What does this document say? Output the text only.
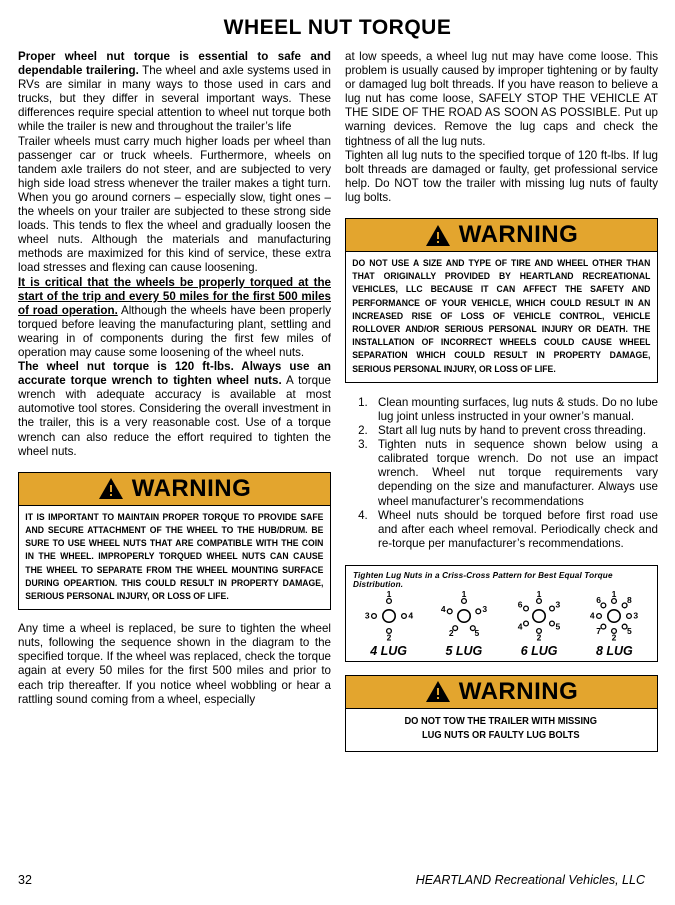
WHEEL NUT TORQUE

Proper wheel nut torque is essential to safe and dependable trailering. The wheel and axle systems used in RVs are similar in many ways to those used in cars and trucks, but they differ in several important ways. These differences require special attention to wheel nut torque both while the trailer is new and throughout the trailer’s life

Trailer wheels must carry much higher loads per wheel than passenger car or truck wheels. Furthermore, wheels on tandem axle trailers do not steer, and are subjected to very high side load stress whenever the trailer makes a tight turn. When you go around corners – especially slow, tight ones – the wheels on your trailer are subjected to these strong side loads. This tends to flex the wheel and gradually loosen the wheel nuts. Although the materials and manufacturing methods are maximized for this kind of service, these extra load stresses and flexing can cause loosening.

It is critical that the wheels be properly torqued at the start of the trip and every 50 miles for the first 500 miles of road operation. Although the wheels have been properly torqued before leaving the manufacturing plant, settling and wearing in of components during the first few miles of operation may cause some loosening of the wheel nuts.

The wheel nut torque is 120 ft-lbs. Always use an accurate torque wrench to tighten wheel nuts. A torque wrench with adequate accuracy is available at most automotive tool stores. Considering the overall investment in the trailer, this is a very reasonable cost. Use of a torque wrench can also reduce the effort required to tighten the wheel nuts.

WARNING
IT IS IMPORTANT TO MAINTAIN PROPER TORQUE TO PROVIDE SAFE AND SECURE ATTACHMENT OF THE WHEEL TO THE HUB/DRUM. BE SURE TO USE WHEEL NUTS THAT ARE COMPATIBLE WITH THE COIN IN THE WHEEL. IMPROPERLY TORQUED WHEEL NUTS CAN CAUSE THE WHEEL TO SEPARATE FROM THE WHEEL MOUNTING SURFACE DURING OPEARTION. THIS COULD RESULT IN PROPERTY DAMAGE, SERIOUS PERSONAL INJURY, OR LOSS OF LIFE.

Any time a wheel is replaced, be sure to tighten the wheel nuts, following the sequence shown in the diagram to the specified torque. If the wheel was replaced, check the torque again at every 50 miles for the first 500 miles and prior to each trip thereafter. If you notice wheel wobbling or hear a rattling sound coming from a wheel, especially

at low speeds, a wheel lug nut may have come loose. This problem is usually caused by improper tightening or by faulty or damaged lug bolt threads. If you have reason to believe a lug nut has come loose, SAFELY STOP THE VEHICLE AT THE SIDE OF THE ROAD AS SOON AS POSSIBLE. Put up warning devices. Remove the lug caps and check the tightness of all the lug nuts.

Tighten all lug nuts to the specified torque of 120 ft-lbs. If lug bolt threads are damaged or faulty, get professional service help. Do NOT tow the trailer with missing lug nuts of faulty lug bolts.

WARNING
DO NOT USE A SIZE AND TYPE OF TIRE AND WHEEL OTHER THAN THAT ORIGINALLY PROVIDED BY HEARTLAND RECREATIONAL VEHICLES, LLC BECAUSE IT CAN AFFECT THE SAFETY AND PERFORMANCE OF YOUR VEHICLE, WHICH COULD RESULT IN AN INCREASED RISE OF LOSS OF VEHICLE CONTROL, VEHICLE ROLLOVER AND/OR SERIOUS PERSONAL INJURY OR DEATH. THE INSTALLATION OF INCORRECT WHEELS COULD CAUSE WHEEL SEPARATION WHICH COULD RESULT IN PROPERTY DAMAGE, SERIOUS PERSONAL INJURY, OR LOSS OF LIFE.
1. Clean mounting surfaces, lug nuts & studs. Do no lube lug joint unless instructed in your owner’s manual.
2. Start all lug nuts by hand to prevent cross threading.
3. Tighten nuts in sequence shown below using a calibrated torque wrench. Do not use an impact wrench. Wheel nut torque requirements vary depending on the size and manufacturer. Always use wheel manufacturer’s recommendations
4. Wheel nuts should be torqued before first road use and after each wheel removal. Periodically check and re-torque per manufacturer’s recommendations.
Tighten Lug Nuts in a Criss-Cross Pattern for Best Equal Torque Distribution.
1
2
3	4
4 LUG
1
2
3
4
5
5 LUG
1
2
3
4	5
6
6 LUG
1
2
3
4
5
6
7
8
8 LUG
WARNING
DO NOT TOW THE TRAILER WITH MISSING
LUG NUTS OR FAULTY LUG BOLTS
32	HEARTLAND Recreational Vehicles, LLC
